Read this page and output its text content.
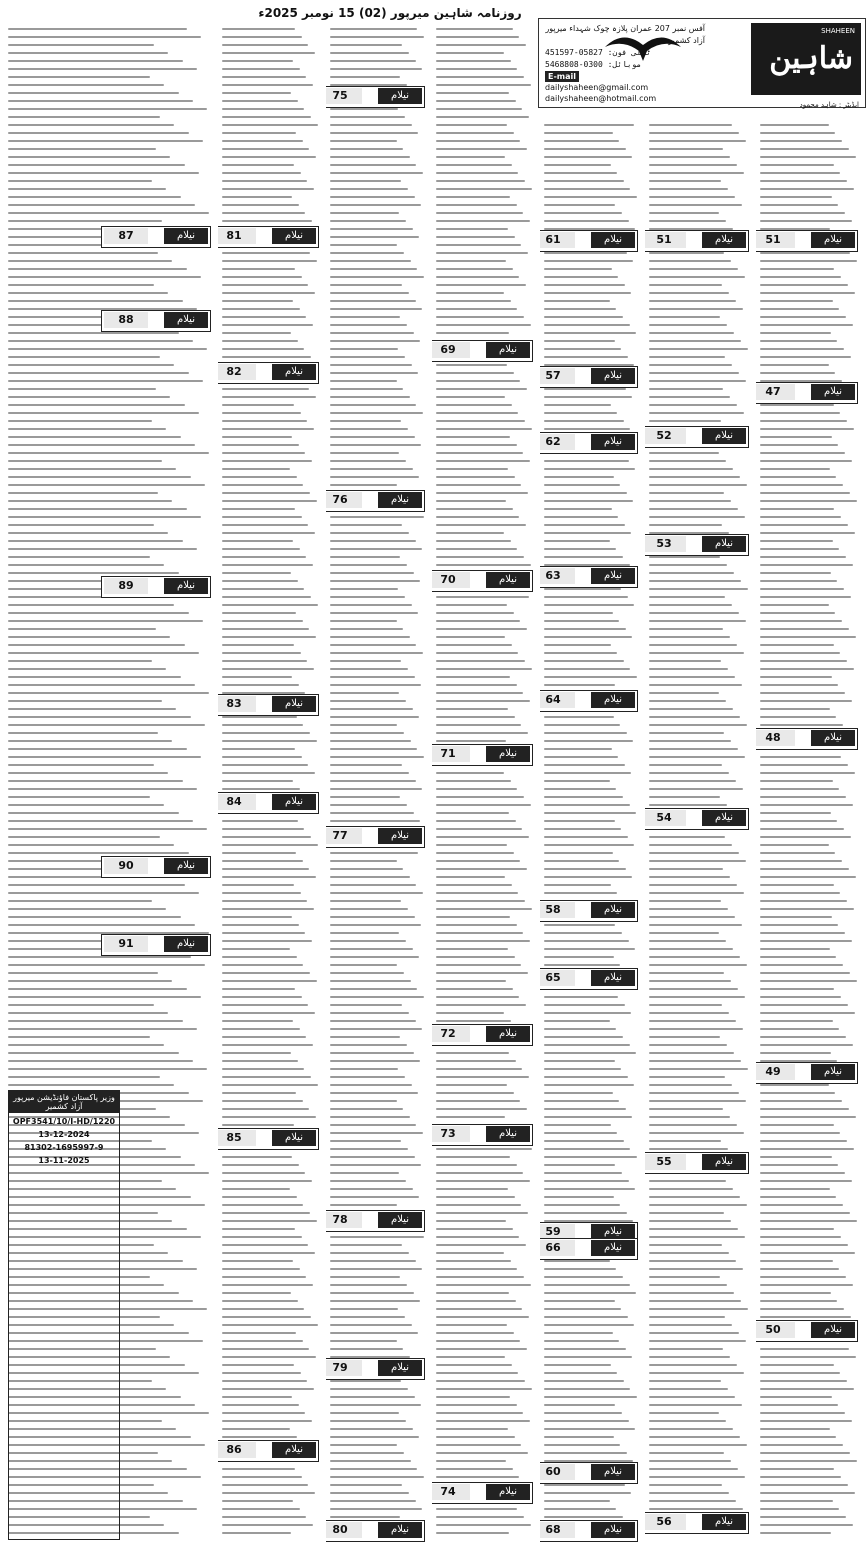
روزنامہ شاہین میرپور (02) 15 نومبر 2025ء
نیلام
51
نیلام
47
نیلام
48
نیلام
49
نیلام
50
نیلام
51
نیلام
52
نیلام
53
نیلام
54
نیلام
55
نیلام
56
نیلام
61
نیلام
57
نیلام
62
نیلام
63
نیلام
64
نیلام
58
نیلام
65
نیلام
59
نیلام
66
نیلام
60
نیلام
68
نیلام
69
نیلام
70
نیلام
71
نیلام
72
نیلام
73
نیلام
74
نیلام
75
نیلام
76
نیلام
77
نیلام
78
نیلام
79
نیلام
80
نیلام
81
نیلام
82
نیلام
83
نیلام
84
نیلام
85
نیلام
86
نیلام
87
نیلام
88
نیلام
89
نیلام
90
نیلام
91
SHAHEEN
شاہین
ایڈیٹر : شاہد محمود
آفس نمبر 207 عمران پلازہ چوک شہداء میرپور آزاد کشمیر
ٹیلی فون: 05827-451597
موبائل: 0300-5468808
E-mail
dailyshaheen@gmail.com
dailyshaheen@hotmail.com
وزیر پاکستان فاؤنڈیشن میرپور آزاد کشمیر
OPF3541/10/I-HD/1220
13-12-2024
81302-1695997-9
13-11-2025
